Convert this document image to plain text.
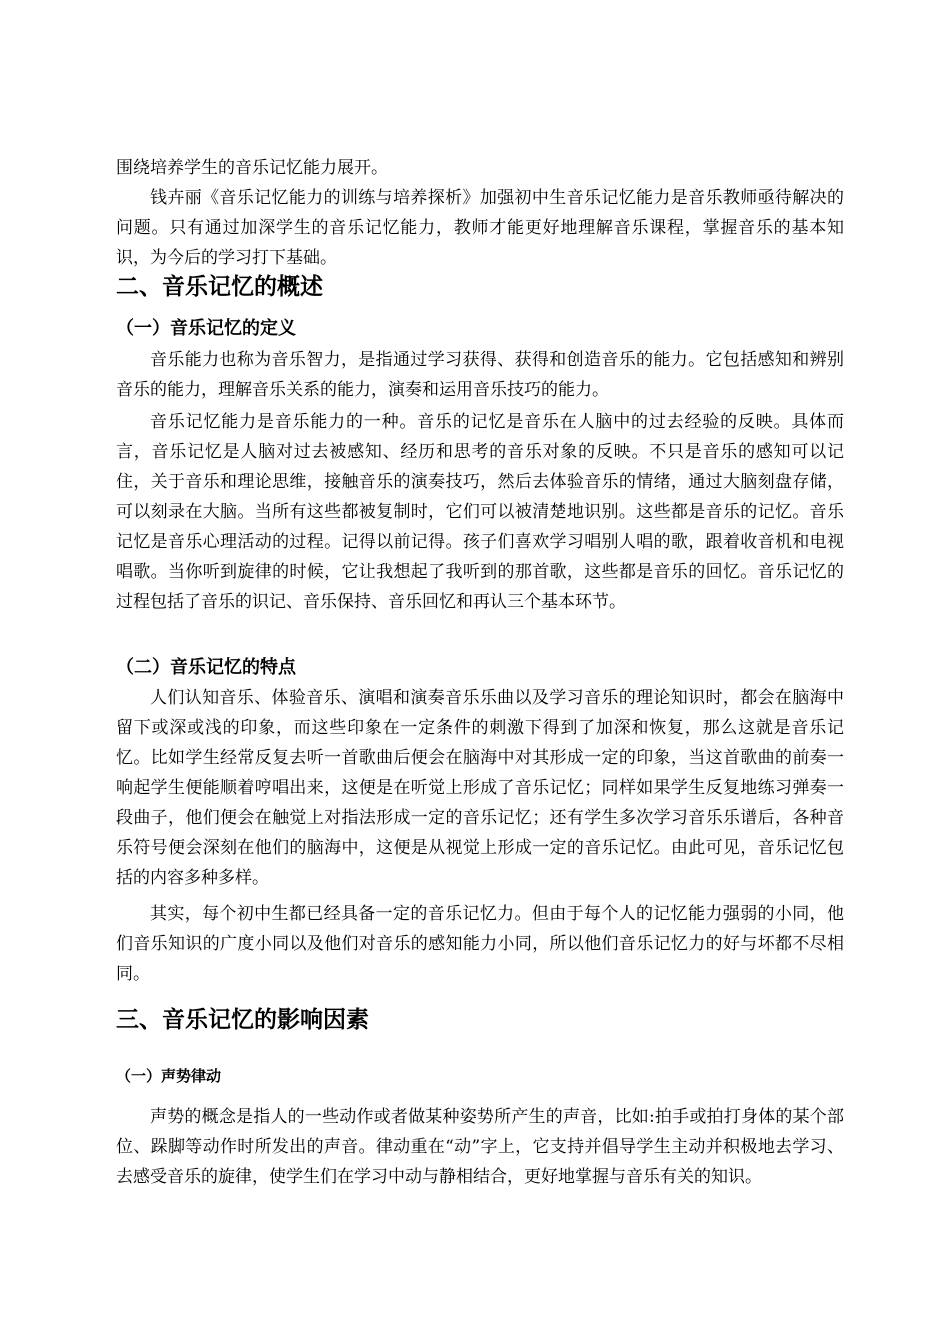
围绕培养学生的音乐记忆能力展开。

钱卉丽《音乐记忆能力的训练与培养探析》加强初中生音乐记忆能力是音乐教师亟待解决的问题。只有通过加深学生的音乐记忆能力，教师才能更好地理解音乐课程，掌握音乐的基本知识，为今后的学习打下基础。

二、音乐记忆的概述
（一）音乐记忆的定义

音乐能力也称为音乐智力，是指通过学习获得、获得和创造音乐的能力。它包括感知和辨别音乐的能力，理解音乐关系的能力，演奏和运用音乐技巧的能力。

音乐记忆能力是音乐能力的一种。音乐的记忆是音乐在人脑中的过去经验的反映。具体而言，音乐记忆是人脑对过去被感知、经历和思考的音乐对象的反映。不只是音乐的感知可以记住，关于音乐和理论思维，接触音乐的演奏技巧，然后去体验音乐的情绪，通过大脑刻盘存储，可以刻录在大脑。当所有这些都被复制时，它们可以被清楚地识别。这些都是音乐的记忆。音乐记忆是音乐心理活动的过程。记得以前记得。孩子们喜欢学习唱别人唱的歌，跟着收音机和电视唱歌。当你听到旋律的时候，它让我想起了我听到的那首歌，这些都是音乐的回忆。音乐记忆的过程包括了音乐的识记、音乐保持、音乐回忆和再认三个基本环节。

（二）音乐记忆的特点

人们认知音乐、体验音乐、演唱和演奏音乐乐曲以及学习音乐的理论知识时，都会在脑海中留下或深或浅的印象，而这些印象在一定条件的刺激下得到了加深和恢复，那么这就是音乐记忆。比如学生经常反复去听一首歌曲后便会在脑海中对其形成一定的印象，当这首歌曲的前奏一响起学生便能顺着哼唱出来，这便是在听觉上形成了音乐记忆；同样如果学生反复地练习弹奏一段曲子，他们便会在触觉上对指法形成一定的音乐记忆；还有学生多次学习音乐乐谱后，各种音乐符号便会深刻在他们的脑海中，这便是从视觉上形成一定的音乐记忆。由此可见，音乐记忆包括的内容多种多样。

其实，每个初中生都已经具备一定的音乐记忆力。但由于每个人的记忆能力强弱的小同，他们音乐知识的广度小同以及他们对音乐的感知能力小同，所以他们音乐记忆力的好与坏都不尽相同。

三、音乐记忆的影响因素
（一）声势律动

声势的概念是指人的一些动作或者做某种姿势所产生的声音，比如:拍手或拍打身体的某个部位、跺脚等动作时所发出的声音。律动重在“动”字上，它支持并倡导学生主动并积极地去学习、去感受音乐的旋律，使学生们在学习中动与静相结合，更好地掌握与音乐有关的知识。
